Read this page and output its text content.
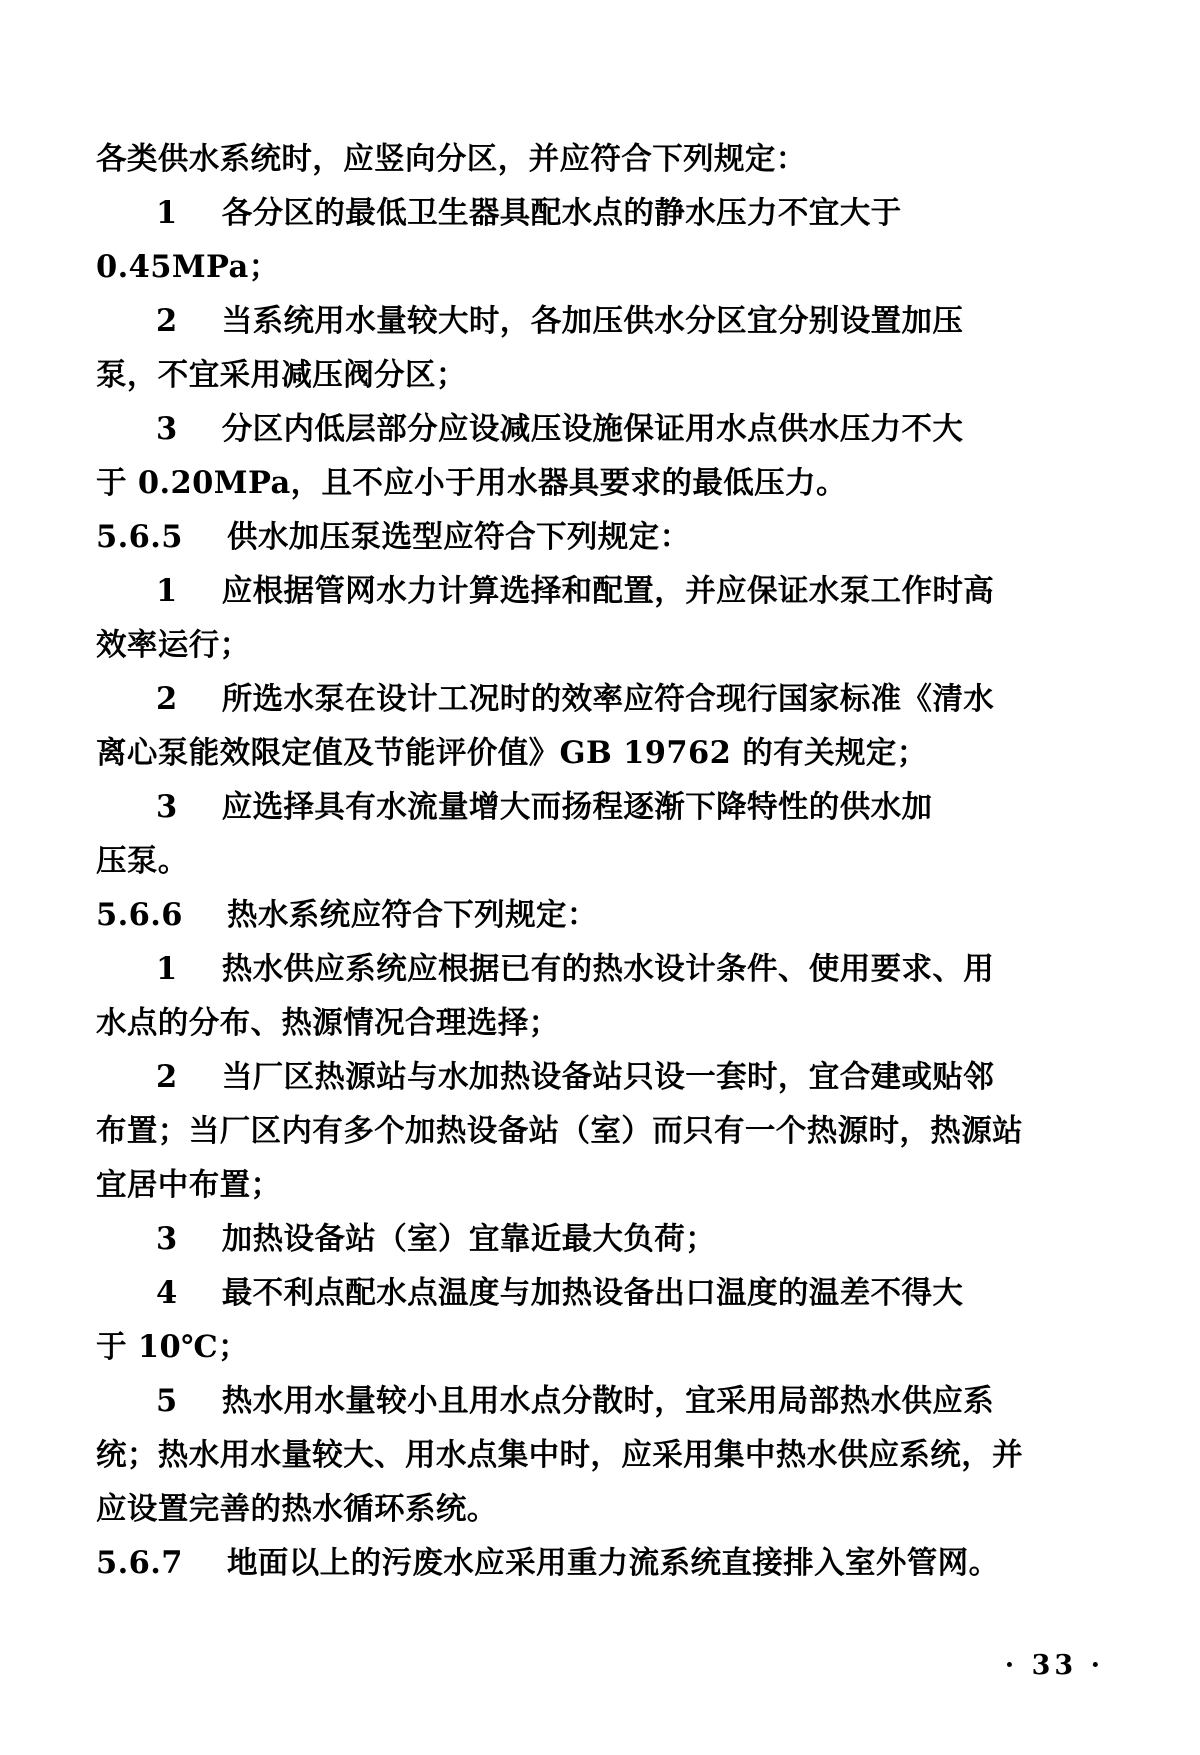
各类供水系统时，应竖向分区，并应符合下列规定：
1    各分区的最低卫生器具配水点的静水压力不宜大于
0.45MPa；
2    当系统用水量较大时，各加压供水分区宜分别设置加压
泵，不宜采用减压阀分区；
3    分区内低层部分应设减压设施保证用水点供水压力不大
于 0.20MPa，且不应小于用水器具要求的最低压力。
5.6.5    供水加压泵选型应符合下列规定：
1    应根据管网水力计算选择和配置，并应保证水泵工作时高
效率运行；
2    所选水泵在设计工况时的效率应符合现行国家标准《清水
离心泵能效限定值及节能评价值》GB 19762 的有关规定；
3    应选择具有水流量增大而扬程逐渐下降特性的供水加
压泵。
5.6.6    热水系统应符合下列规定：
1    热水供应系统应根据已有的热水设计条件、使用要求、用
水点的分布、热源情况合理选择；
2    当厂区热源站与水加热设备站只设一套时，宜合建或贴邻
布置；当厂区内有多个加热设备站（室）而只有一个热源时，热源站
宜居中布置；
3    加热设备站（室）宜靠近最大负荷；
4    最不利点配水点温度与加热设备出口温度的温差不得大
于 10℃；
5    热水用水量较小且用水点分散时，宜采用局部热水供应系
统；热水用水量较大、用水点集中时，应采用集中热水供应系统，并
应设置完善的热水循环系统。
5.6.7    地面以上的污废水应采用重力流系统直接排入室外管网。
· 33 ·
